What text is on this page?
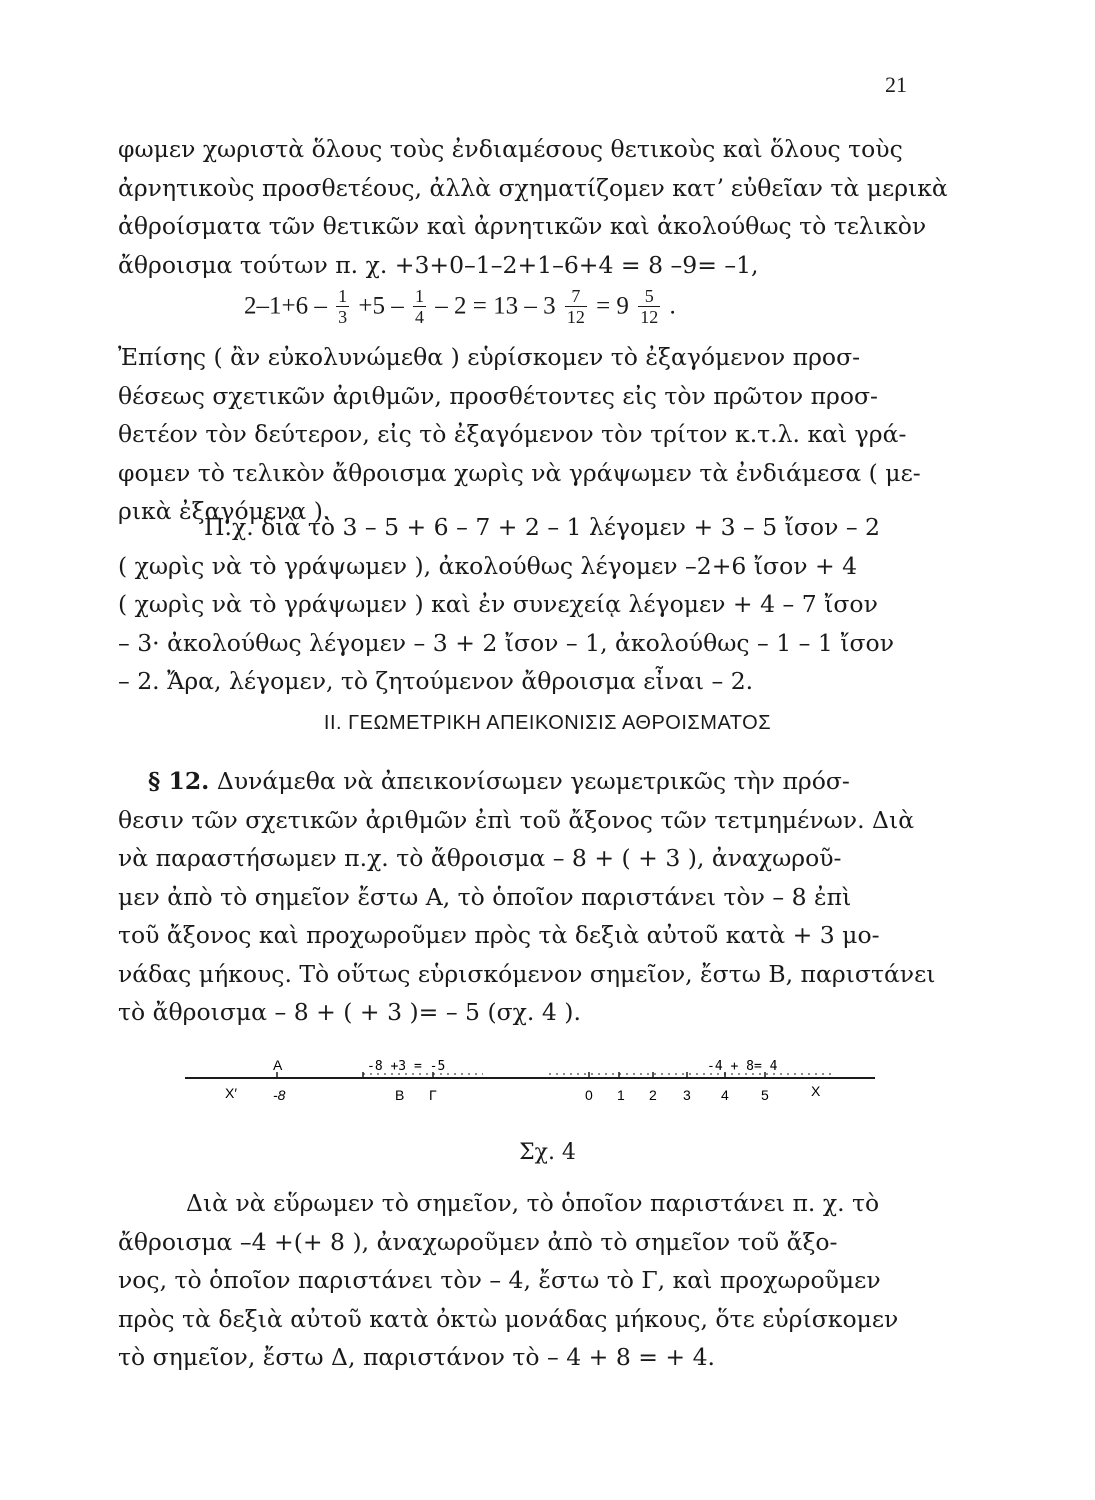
21
φωμεν χωριστὰ ὅλους τοὺς ἐνδιαμέσους θετικοὺς καὶ ὅλους τοὺς
ἀρνητικοὺς προσθετέους, ἀλλὰ σχηματίζομεν κατʼ εὐθεῖαν τὰ μερικὰ
ἀθροίσματα τῶν θετικῶν καὶ ἀρνητικῶν καὶ ἀκολούθως τὸ τελικὸν
ἄθροισμα τούτων π. χ. +3+0–1–2+1–6+4 = 8 –9= –1,
$2-1+6 - \frac{1}{3} +5 - \frac{1}{4} - 2 = 13 - 3 \frac{7}{12} = 9 \frac{5}{12}$ .
Ἐπίσης ( ἂν εὐκολυνώμεθα ) εὑρίσκομεν τὸ ἐξαγόμενον προσ-
θέσεως σχετικῶν ἀριθμῶν, προσθέτοντες εἰς τὸν πρῶτον προσ-
θετέον τὸν δεύτερον, εἰς τὸ ἐξαγόμενον τὸν τρίτον κ.τ.λ. καὶ γρά-
φομεν τὸ τελικὸν ἄθροισμα χωρὶς νὰ γράψωμεν τὰ ἐνδιάμεσα ( με-
ρικὰ ἐξαγόμενα ).
Π.χ. διὰ τὸ 3 – 5 + 6 – 7 + 2 – 1 λέγομεν + 3 – 5 ἴσον – 2
( χωρὶς νὰ τὸ γράψωμεν ), ἀκολούθως λέγομεν –2+6 ἴσον + 4
( χωρὶς νὰ τὸ γράψωμεν ) καὶ ἐν συνεχείᾳ λέγομεν + 4 – 7 ἴσον
– 3· ἀκολούθως λέγομεν – 3 + 2 ἴσον – 1, ἀκολούθως – 1 – 1 ἴσον
– 2. Ἄρα, λέγομεν, τὸ ζητούμενον ἄθροισμα εἶναι – 2.
ΙΙ. ΓΕΩΜΕΤΡΙΚΗ ΑΠΕΙΚΟΝΙΣΙΣ ΑΘΡΟΙΣΜΑΤΟΣ
§ 12. Δυνάμεθα νὰ ἀπεικονίσωμεν γεωμετρικῶς τὴν πρόσ-
θεσιν τῶν σχετικῶν ἀριθμῶν ἐπὶ τοῦ ἄξονος τῶν τετμημένων. Διὰ
νὰ παραστήσωμεν π.χ. τὸ ἄθροισμα – 8 + ( + 3 ), ἀναχωροῦ-
μεν ἀπὸ τὸ σημεῖον ἔστω Α, τὸ ὁποῖον παριστάνει τὸν – 8 ἐπὶ
τοῦ ἄξονος καὶ προχωροῦμεν πρὸς τὰ δεξιὰ αὐτοῦ κατὰ + 3 μο-
νάδας μήκους. Τὸ οὕτως εὑρισκόμενον σημεῖον, ἔστω Β, παριστάνει
τὸ ἄθροισμα – 8 + ( + 3 )= – 5 (σχ. 4 ).
Α	-8 +3 = -5	-4 + 8= 4
X′	-8	Β Γ	0 1 2 3 4 5	X
Σχ. 4
Διὰ νὰ εὕρωμεν τὸ σημεῖον, τὸ ὁποῖον παριστάνει π. χ. τὸ
ἄθροισμα –4 +(+ 8 ), ἀναχωροῦμεν ἀπὸ τὸ σημεῖον τοῦ ἄξο-
νος, τὸ ὁποῖον παριστάνει τὸν – 4, ἔστω τὸ Γ, καὶ προχωροῦμεν
πρὸς τὰ δεξιὰ αὐτοῦ κατὰ ὀκτὼ μονάδας μήκους, ὅτε εὑρίσκομεν
τὸ σημεῖον, ἔστω Δ, παριστάνον τὸ – 4 + 8 = + 4.
